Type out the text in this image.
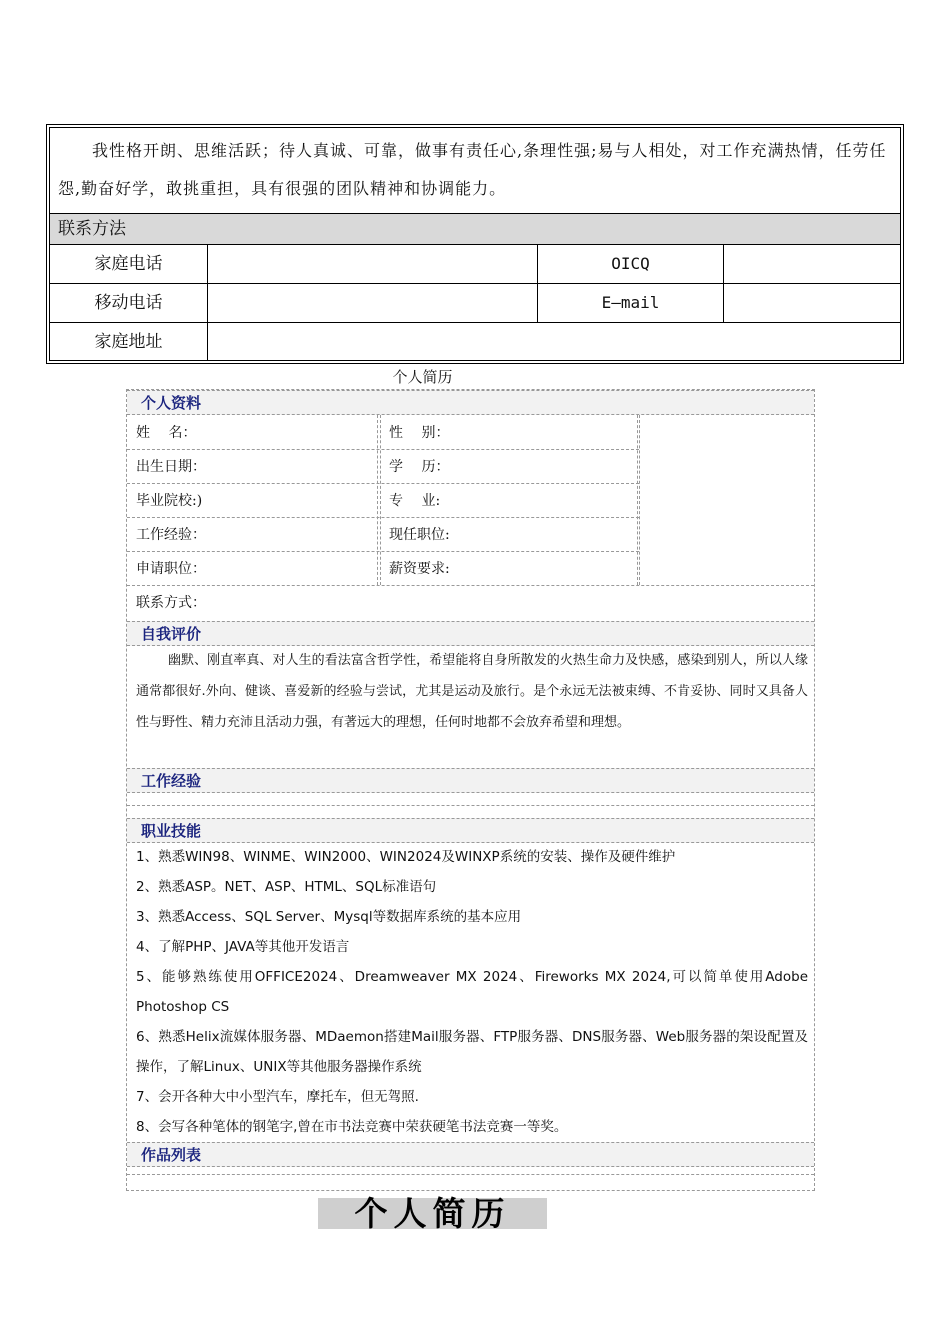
我性格开朗、思维活跃；待人真诚、可靠，做事有责任心,条理性强;易与人相处，对工作充满热情，任劳任怨,勤奋好学，敢挑重担，具有很强的团队精神和协调能力。

联系方法
家庭电话	OICQ
移动电话	E—mail
家庭地址
个人简历
个人资料
姓　 名：	性　 别：
出生日期：	学　 历：
毕业院校:)	专　 业:
工作经验：	现任职位:
申请职位：	薪资要求:
联系方式：
自我评价

幽默、刚直率真、对人生的看法富含哲学性，希望能将自身所散发的火热生命力及快感，感染到别人，所以人缘通常都很好.外向、健谈、喜爱新的经验与尝试，尤其是运动及旅行。是个永远无法被束缚、不肯妥协、同时又具备人性与野性、精力充沛且活动力强，有著远大的理想，任何时地都不会放弃希望和理想。

工作经验
职业技能
1、熟悉WIN98、WINME、WIN2000、WIN2024及WINXP系统的安装、操作及硬件维护
2、熟悉ASP。NET、ASP、HTML、SQL标准语句
3、熟悉Access、SQL Server、Mysql等数据库系统的基本应用
4、了解PHP、JAVA等其他开发语言
5、能够熟练使用OFFICE2024、Dreamweaver MX 2024、Fireworks MX 2024,可以简单使用Adobe Photoshop CS
6、熟悉Helix流媒体服务器、MDaemon搭建Mail服务器、FTP服务器、DNS服务器、Web服务器的架设配置及操作，了解Linux、UNIX等其他服务器操作系统
7、会开各种大中小型汽车，摩托车，但无驾照.
8、会写各种笔体的钢笔字,曾在市书法竞赛中荣获硬笔书法竞赛一等奖。
作品列表
个人简历
